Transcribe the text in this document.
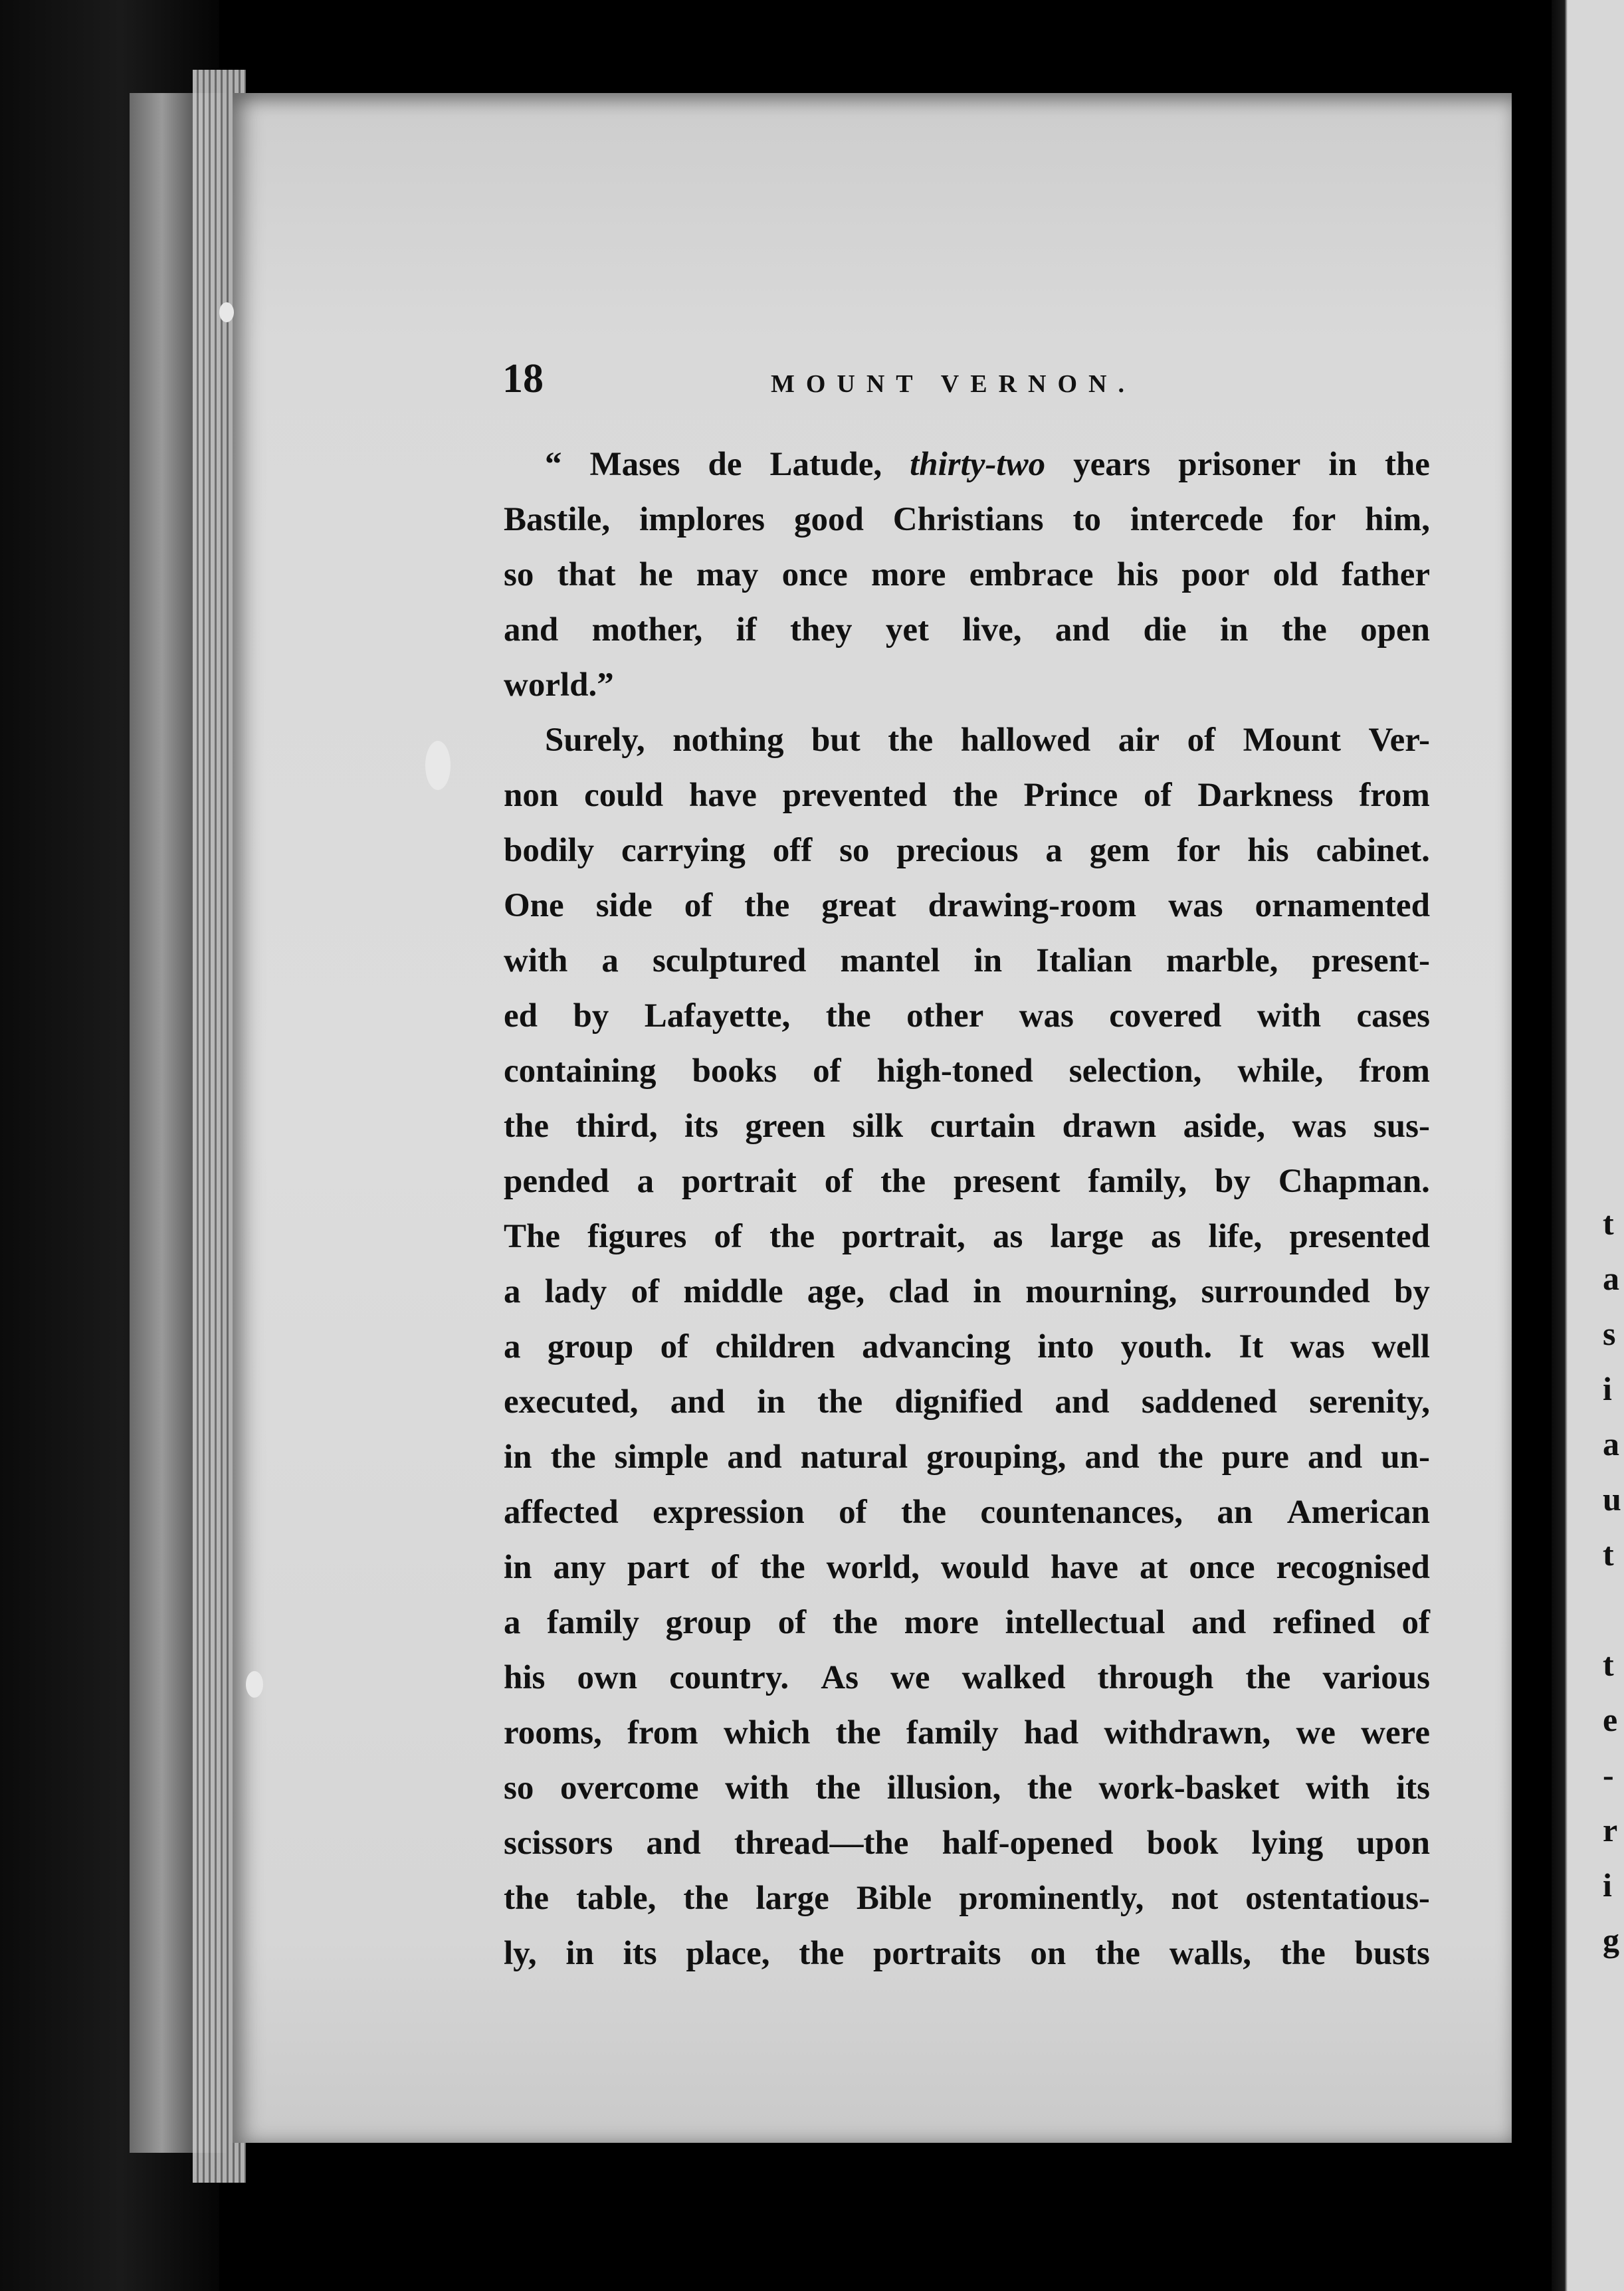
t
a
s
i
a
u
t

t
e
-
r
i
g
18	MOUNT VERNON.
“ Mases de Latude, thirty-two years prisoner in the
Bastile, implores good Christians to intercede for him,
so that he may once more embrace his poor old father
and mother, if they yet live, and die in the open
world.”
Surely, nothing but the hallowed air of Mount Ver-
non could have prevented the Prince of Darkness from
bodily carrying off so precious a gem for his cabinet.
One side of the great drawing-room was ornamented
with a sculptured mantel in Italian marble, present-
ed by Lafayette, the other was covered with cases
containing books of high-toned selection, while, from
the third, its green silk curtain drawn aside, was sus-
pended a portrait of the present family, by Chapman.
The figures of the portrait, as large as life, presented
a lady of middle age, clad in mourning, surrounded by
a group of children advancing into youth. It was well
executed, and in the dignified and saddened serenity,
in the simple and natural grouping, and the pure and un-
affected expression of the countenances, an American
in any part of the world, would have at once recognised
a family group of the more intellectual and refined of
his own country. As we walked through the various
rooms, from which the family had withdrawn, we were
so overcome with the illusion, the work-basket with its
scissors and thread—the half-opened book lying upon
the table, the large Bible prominently, not ostentatious-
ly, in its place, the portraits on the walls, the busts
